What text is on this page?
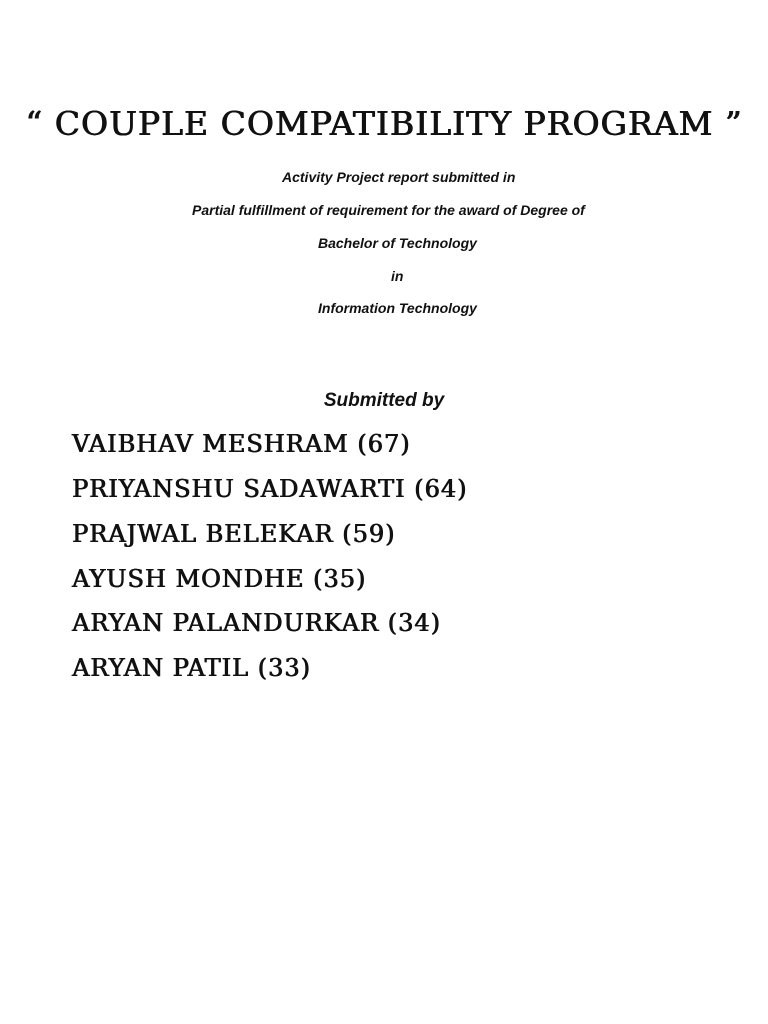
“ COUPLE COMPATIBILITY PROGRAM ”
Activity Project report submitted in
Partial fulfillment of requirement for the award of Degree of
Bachelor of Technology
in
Information Technology
Submitted by
VAIBHAV MESHRAM (67)
PRIYANSHU SADAWARTI (64)
PRAJWAL BELEKAR (59)
AYUSH MONDHE (35)
ARYAN PALANDURKAR (34)
ARYAN PATIL (33)
